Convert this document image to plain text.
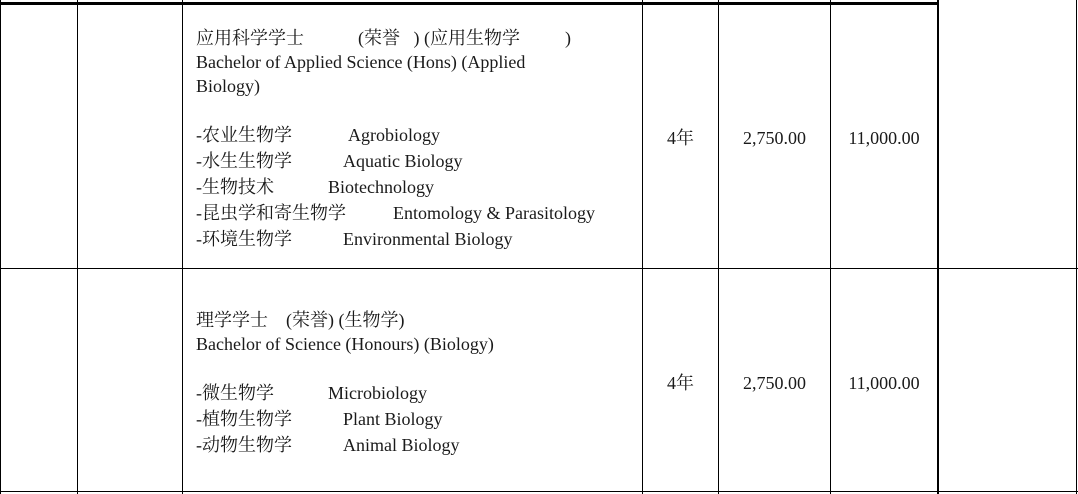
应用科学学士            (荣誉   ) (应用生物学          )
Bachelor of Applied Science (Hons) (Applied
Biology)
-农业生物学	Agrobiology
-水生生物学	Aquatic Biology
-生物技术	Biotechnology
-昆虫学和寄生物学	Entomology & Parasitology
-环境生物学	Environmental Biology
4年	2,750.00	11,000.00
理学学士    (荣誉) (生物学)
Bachelor of Science (Honours) (Biology)
-微生物学	Microbiology
-植物生物学	Plant Biology
-动物生物学	Animal Biology
4年	2,750.00	11,000.00
